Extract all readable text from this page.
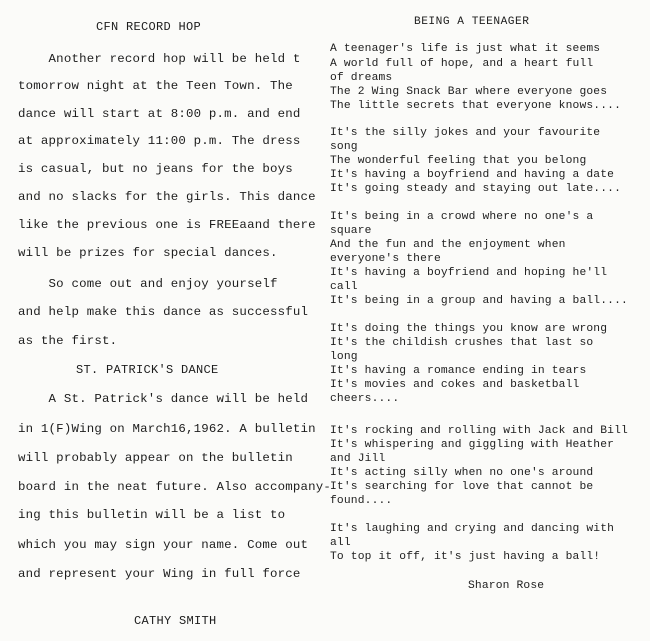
CFN RECORD HOP
Another record hop will be held t
tomorrow night at the Teen Town. The
dance will start at 8:00 p.m. and end
at approximately 11:00 p.m. The dress
is casual, but no jeans for the boys
and no slacks for the girls. This dance
like the previous one is FREEaand there
will be prizes for special dances.
So come out and enjoy yourself
and help make this dance as successful
as the first.
ST. PATRICK'S DANCE
A St. Patrick's dance will be held
in 1(F)Wing on March16,1962. A bulletin
will probably appear on the bulletin
board in the neat future. Also accompany-
ing this bulletin will be a list to
which you may sign your name. Come out
and represent your Wing in full force
CATHY SMITH
BEING A TEENAGER
A teenager's life is just what it seems
A world full of hope, and a heart full
of dreams
The 2 Wing Snack Bar where everyone goes
The little secrets that everyone knows....
It's the silly jokes and your favourite
song
The wonderful feeling that you belong
It's having a boyfriend and having a date
It's going steady and staying out late....
It's being in a crowd where no one's a
square
And the fun and the enjoyment when
everyone's there
It's having a boyfriend and hoping he'll
call
It's being in a group and having a ball....
It's doing the things you know are wrong
It's the childish crushes that last so
long
It's having a romance ending in tears
It's movies and cokes and basketball
cheers....
It's rocking and rolling with Jack and Bill
It's whispering and giggling with Heather
and Jill
It's acting silly when no one's around
It's searching for love that cannot be
found....
It's laughing and crying and dancing with
all
To top it off, it's just having a ball!
Sharon Rose
